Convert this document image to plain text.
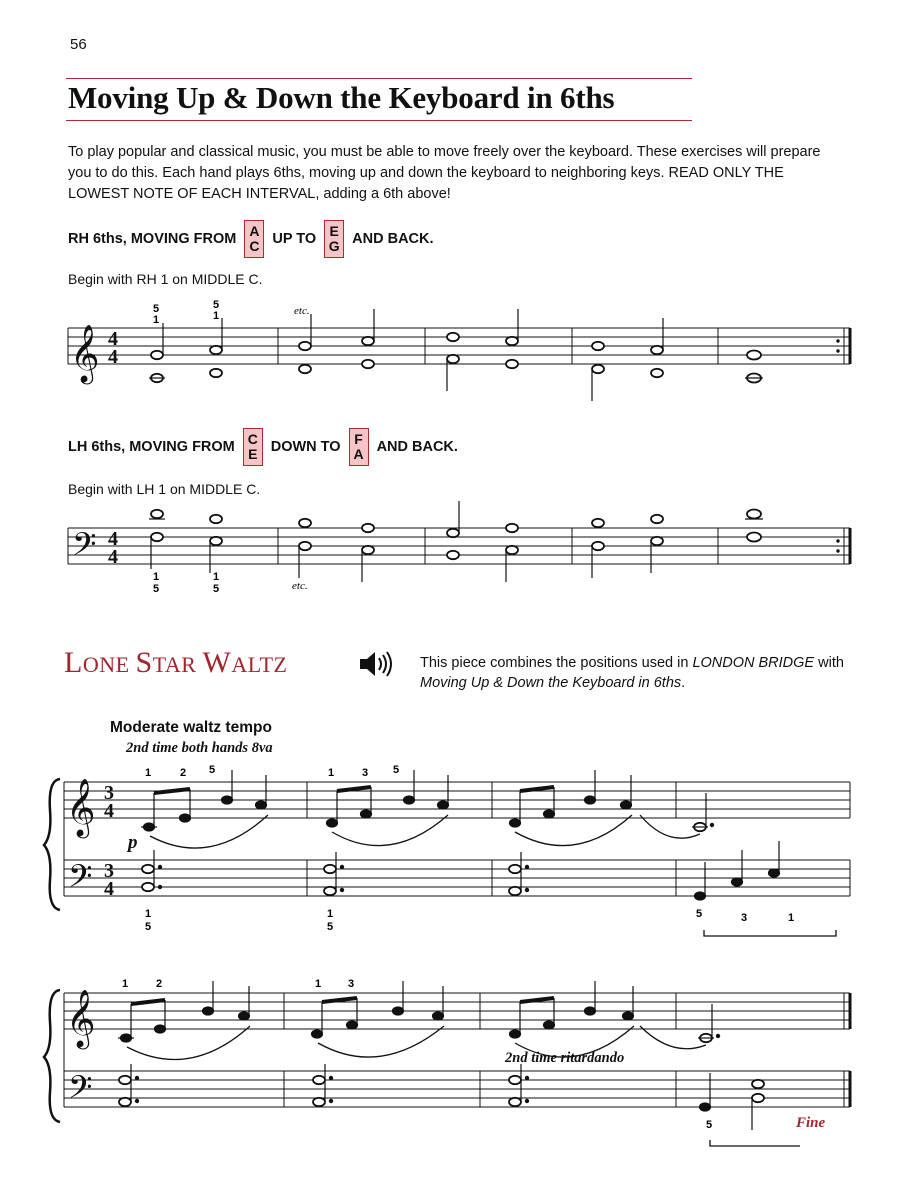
56
Moving Up & Down the Keyboard in 6ths
To play popular and classical music, you must be able to move freely over the keyboard. These exercises will prepare you to do this. Each hand plays 6ths, moving up and down the keyboard to neighboring keys. READ ONLY THE LOWEST NOTE OF EACH INTERVAL, adding a 6th above!
RH 6ths, MOVING FROM A
C UP TO E
G AND BACK.
Begin with RH 1 on MIDDLE C.
LH 6ths, MOVING FROM C
E DOWN TO F
A AND BACK.
Begin with LH 1 on MIDDLE C.
LONE STAR WALTZ	This piece combines the positions used in LONDON BRIDGE with Moving Up & Down the Keyboard in 6ths.
Moderate waltz tempo
2nd time both hands 8va
p
2nd time ritardando
Fine
𝄞 4
4
5
1
5
1	etc.
𝄢 4
4
1
5
1
5	etc.
𝄞
𝄢
3
4
3
4
1	2 5	1	3 5
1
5
1
5
5	3	1
𝄞
𝄢
1	2	1 3
5
